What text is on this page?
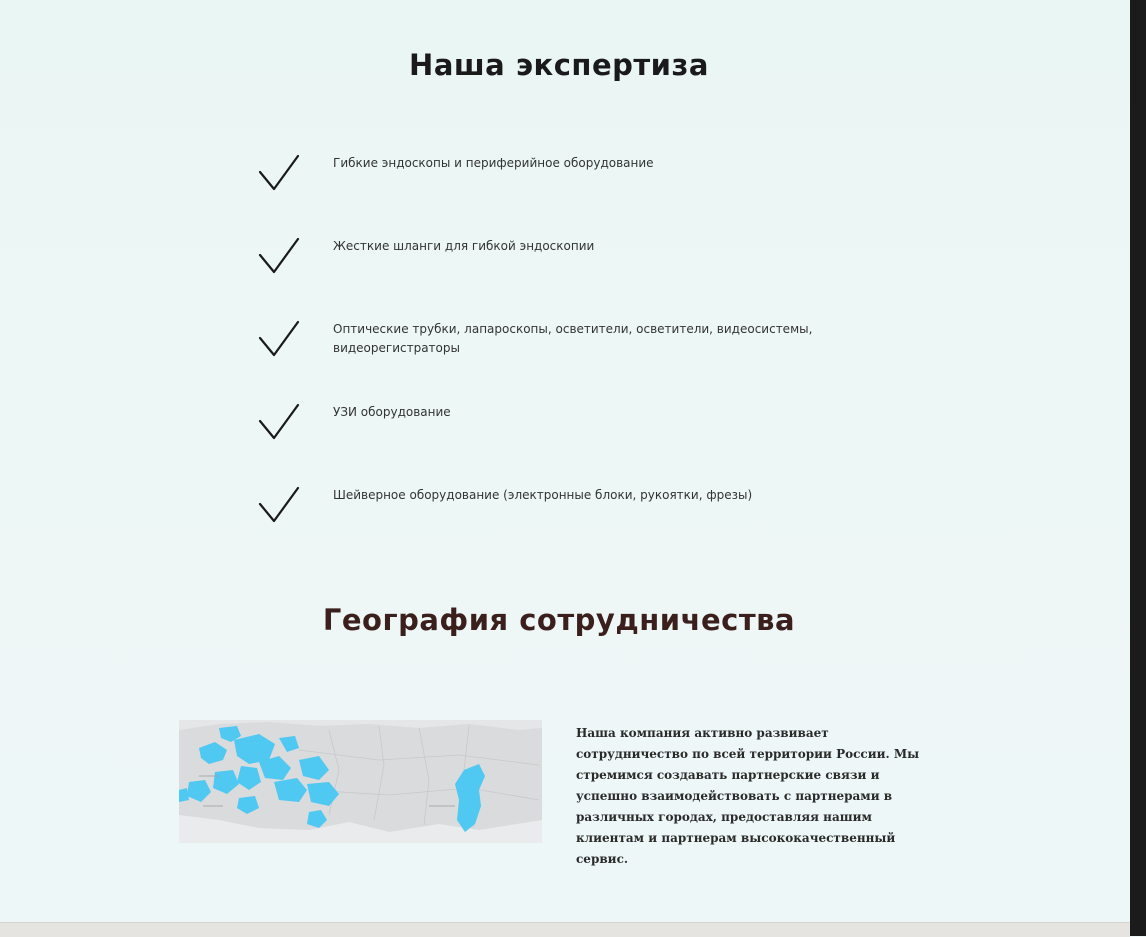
Наша экспертиза
Гибкие эндоскопы и периферийное оборудование
Жесткие шланги для гибкой эндоскопии
Оптические трубки, лапароскопы, осветители, осветители, видеосистемы, видеорегистраторы
УЗИ оборудование
Шейверное оборудование (электронные блоки, рукоятки, фрезы)
География сотрудничества
Наша компания активно развивает сотрудничество по всей территории России. Мы стремимся создавать партнерские связи и успешно взаимодействовать с партнерами в различных городах, предоставляя нашим клиентам и партнерам высококачественный сервис.
